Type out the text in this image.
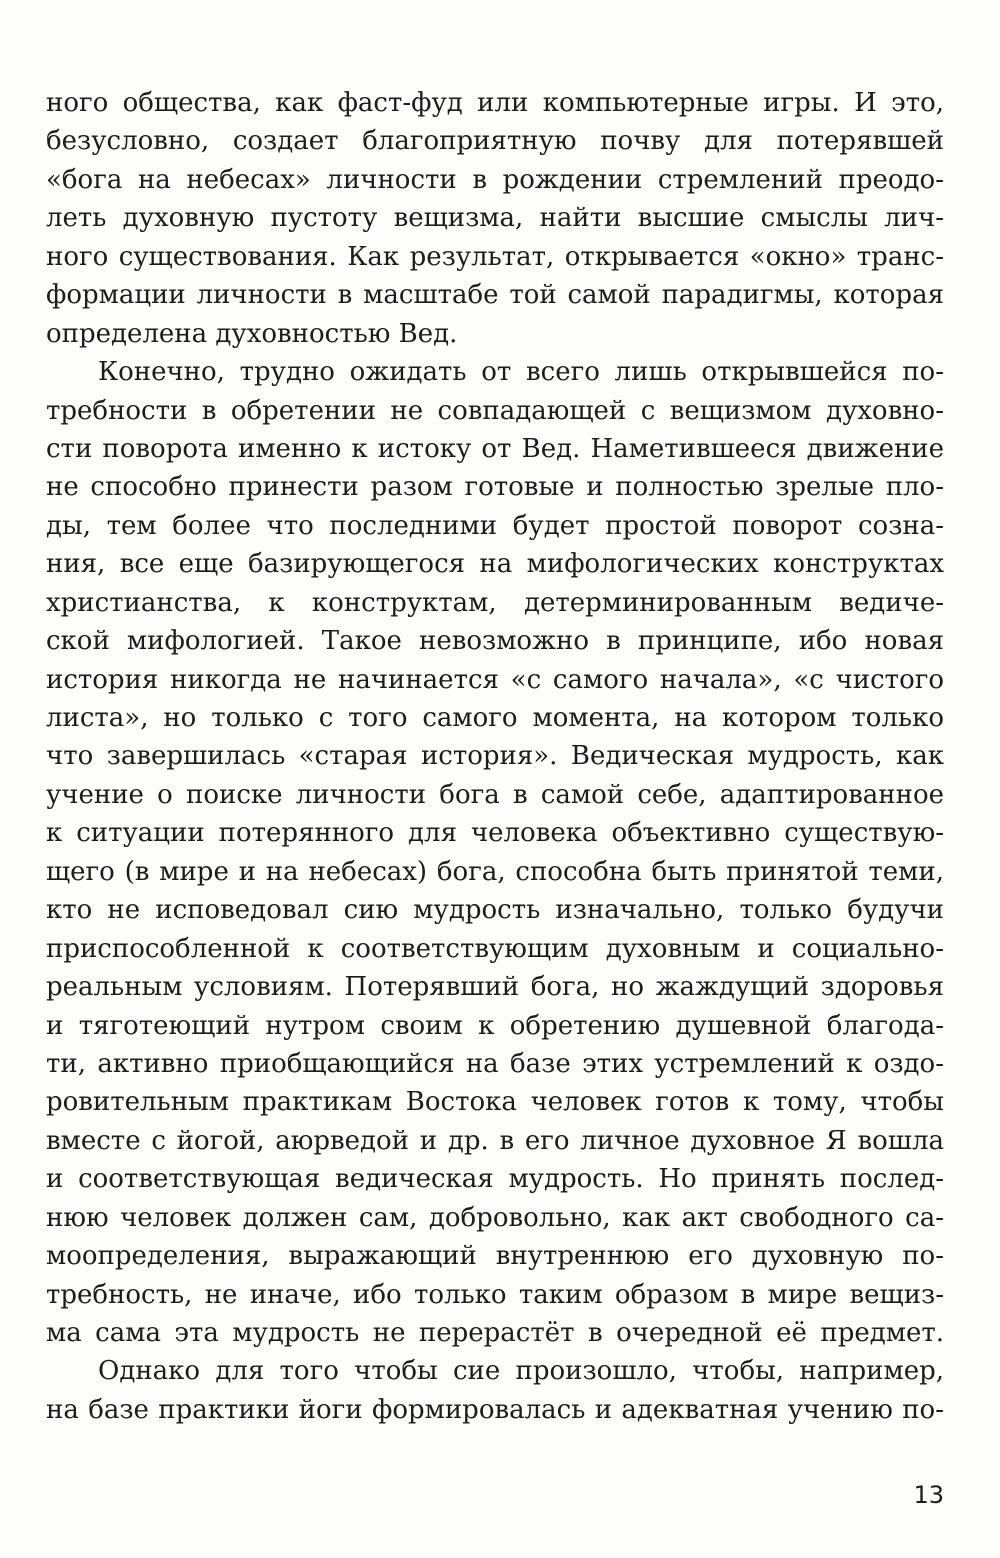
ного общества, как фаст-фуд или компьютерные игры. И это,
безусловно, создает благоприятную почву для потерявшей
«бога на небесах» личности в рождении стремлений преодо-
леть духовную пустоту вещизма, найти высшие смыслы лич-
ного существования. Как результат, открывается «окно» транс-
формации личности в масштабе той самой парадигмы, которая
определена духовностью Вед.
Конечно, трудно ожидать от всего лишь открывшейся по-
требности в обретении не совпадающей с вещизмом духовно-
сти поворота именно к истоку от Вед. Наметившееся движение
не способно принести разом готовые и полностью зрелые пло-
ды, тем более что последними будет простой поворот созна-
ния, все еще базирующегося на мифологических конструктах
христианства, к конструктам, детерминированным ведиче-
ской мифологией. Такое невозможно в принципе, ибо новая
история никогда не начинается «с самого начала», «с чистого
листа», но только с того самого момента, на котором только
что завершилась «старая история». Ведическая мудрость, как
учение о поиске личности бога в самой себе, адаптированное
к ситуации потерянного для человека объективно существую-
щего (в мире и на небесах) бога, способна быть принятой теми,
кто не исповедовал сию мудрость изначально, только будучи
приспособленной к соответствующим духовным и социально-
реальным условиям. Потерявший бога, но жаждущий здоровья
и тяготеющий нутром своим к обретению душевной благода-
ти, активно приобщающийся на базе этих устремлений к оздо-
ровительным практикам Востока человек готов к тому, чтобы
вместе с йогой, аюрведой и др. в его личное духовное Я вошла
и соответствующая ведическая мудрость. Но принять послед-
нюю человек должен сам, добровольно, как акт свободного са-
моопределения, выражающий внутреннюю его духовную по-
требность, не иначе, ибо только таким образом в мире вещиз-
ма сама эта мудрость не перерастёт в очередной её предмет.
Однако для того чтобы сие произошло, чтобы, например,
на базе практики йоги формировалась и адекватная учению по-
13
